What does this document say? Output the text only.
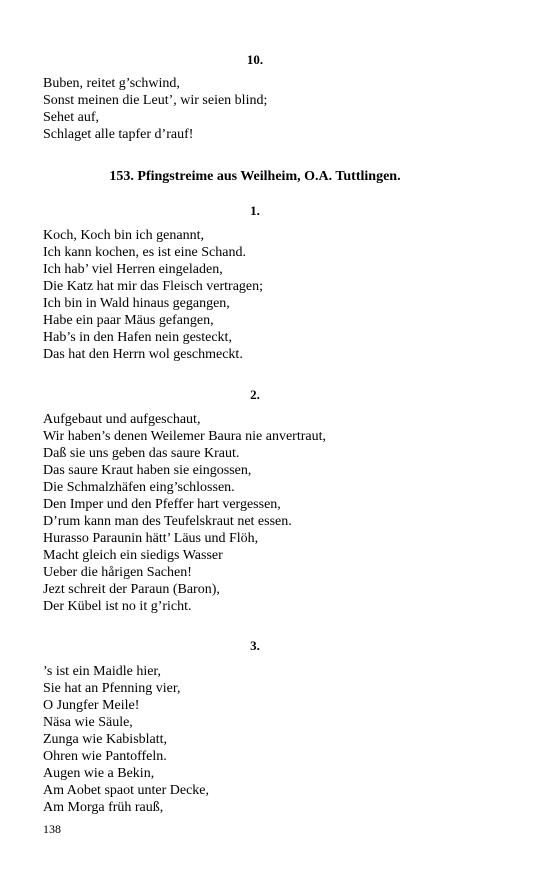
10.
Buben, reitet g’schwind,
Sonst meinen die Leut’, wir seien blind;
Sehet auf,
Schlaget alle tapfer d’rauf!
153. Pfingstreime aus Weilheim, O.A. Tuttlingen.
1.
Koch, Koch bin ich genannt,
Ich kann kochen, es ist eine Schand.
Ich hab’ viel Herren eingeladen,
Die Katz hat mir das Fleisch vertragen;
Ich bin in Wald hinaus gegangen,
Habe ein paar Mäus gefangen,
Hab’s in den Hafen nein gesteckt,
Das hat den Herrn wol geschmeckt.
2.
Aufgebaut und aufgeschaut,
Wir haben’s denen Weilemer Baura nie anvertraut,
Daß sie uns geben das saure Kraut.
Das saure Kraut haben sie eingossen,
Die Schmalzhäfen eing’schlossen.
Den Imper und den Pfeffer hart vergessen,
D’rum kann man des Teufelskraut net essen.
Hurasso Paraunin hätt’ Läus und Flöh,
Macht gleich ein siedigs Wasser
Ueber die hårigen Sachen!
Jezt schreit der Paraun (Baron),
Der Kübel ist no it g’richt.
3.
’s ist ein Maidle hier,
Sie hat an Pfenning vier,
O Jungfer Meile!
Näsa wie Säule,
Zunga wie Kabisblatt,
Ohren wie Pantoffeln.
Augen wie a Bekin,
Am Aobet spaot unter Decke,
Am Morga früh rauß,
138
